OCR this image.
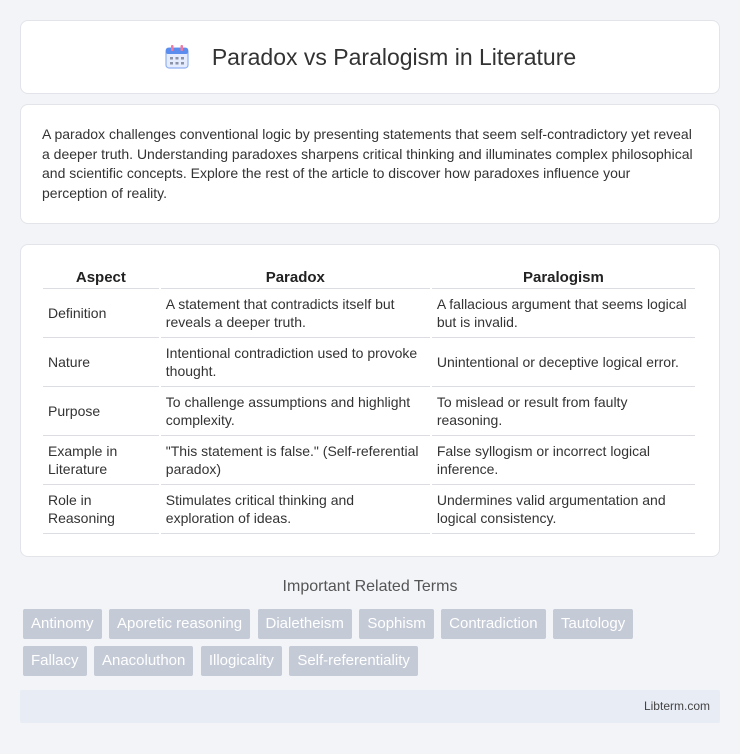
Paradox vs Paralogism in Literature

A paradox challenges conventional logic by presenting statements that seem self-contradictory yet reveal a deeper truth. Understanding paradoxes sharpens critical thinking and illuminates complex philosophical and scientific concepts. Explore the rest of the article to discover how paradoxes influence your perception of reality.

Aspect	Paradox	Paralogism
Definition	A statement that contradicts itself but reveals a deeper truth.	A fallacious argument that seems logical but is invalid.
Nature	Intentional contradiction used to provoke thought.	Unintentional or deceptive logical error.
Purpose	To challenge assumptions and highlight complexity.	To mislead or result from faulty reasoning.
Example in Literature	"This statement is false." (Self-referential paradox)	False syllogism or incorrect logical inference.
Role in Reasoning	Stimulates critical thinking and exploration of ideas.	Undermines valid argumentation and logical consistency.
Important Related Terms
Antinomy Aporetic reasoning Dialetheism Sophism Contradiction Tautology
Fallacy Anacoluthon Illogicality Self-referentiality
Libterm.com
